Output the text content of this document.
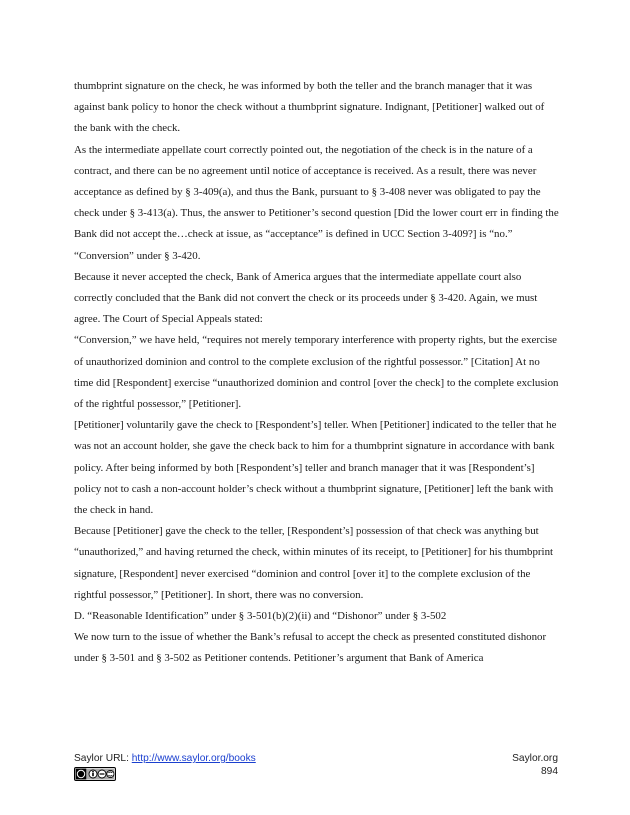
thumbprint signature on the check, he was informed by both the teller and the branch manager that it was against bank policy to honor the check without a thumbprint signature. Indignant, [Petitioner] walked out of the bank with the check.

As the intermediate appellate court correctly pointed out, the negotiation of the check is in the nature of a contract, and there can be no agreement until notice of acceptance is received. As a result, there was never acceptance as defined by § 3-409(a), and thus the Bank, pursuant to § 3-408 never was obligated to pay the check under § 3-413(a). Thus, the answer to Petitioner’s second question [Did the lower court err in finding the Bank did not accept the…check at issue, as “acceptance” is defined in UCC Section 3-409?] is “no.”

“Conversion” under § 3-420.

Because it never accepted the check, Bank of America argues that the intermediate appellate court also correctly concluded that the Bank did not convert the check or its proceeds under § 3-420. Again, we must agree. The Court of Special Appeals stated:

“Conversion,” we have held, “requires not merely temporary interference with property rights, but the exercise of unauthorized dominion and control to the complete exclusion of the rightful possessor.” [Citation] At no time did [Respondent] exercise “unauthorized dominion and control [over the check] to the complete exclusion of the rightful possessor,” [Petitioner].

[Petitioner] voluntarily gave the check to [Respondent’s] teller. When [Petitioner] indicated to the teller that he was not an account holder, she gave the check back to him for a thumbprint signature in accordance with bank policy. After being informed by both [Respondent’s] teller and branch manager that it was [Respondent’s] policy not to cash a non-account holder’s check without a thumbprint signature, [Petitioner] left the bank with the check in hand.

Because [Petitioner] gave the check to the teller, [Respondent’s] possession of that check was anything but “unauthorized,” and having returned the check, within minutes of its receipt, to [Petitioner] for his thumbprint signature, [Respondent] never exercised “dominion and control [over it] to the complete exclusion of the rightful possessor,” [Petitioner]. In short, there was no conversion.

D. “Reasonable Identification” under § 3-501(b)(2)(ii) and “Dishonor” under § 3-502

We now turn to the issue of whether the Bank’s refusal to accept the check as presented constituted dishonor under § 3-501 and § 3-502 as Petitioner contends. Petitioner’s argument that Bank of America

Saylor URL: http://www.saylor.org/books	Saylor.org
894
